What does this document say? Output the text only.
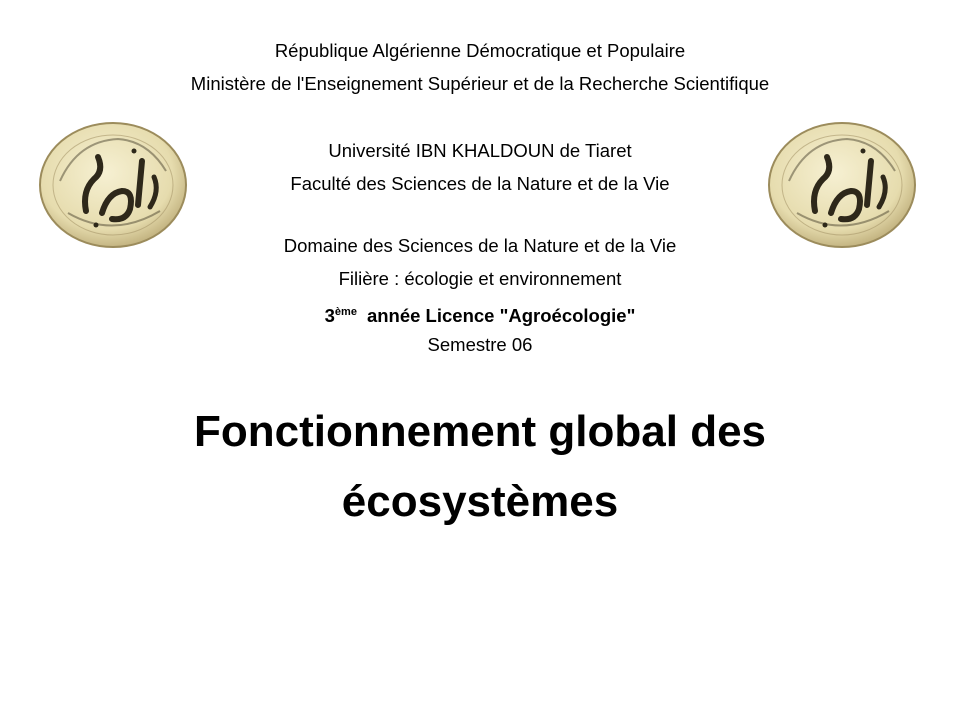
République Algérienne Démocratique et Populaire
Ministère de l'Enseignement Supérieur et de la Recherche Scientifique
Université IBN KHALDOUN de Tiaret
Faculté des Sciences de la Nature et de la Vie
Domaine des Sciences de la Nature et de la Vie
Filière : écologie et environnement
3ème année Licence "Agroécologie"
Semestre 06
Fonctionnement global des
écosystèmes
